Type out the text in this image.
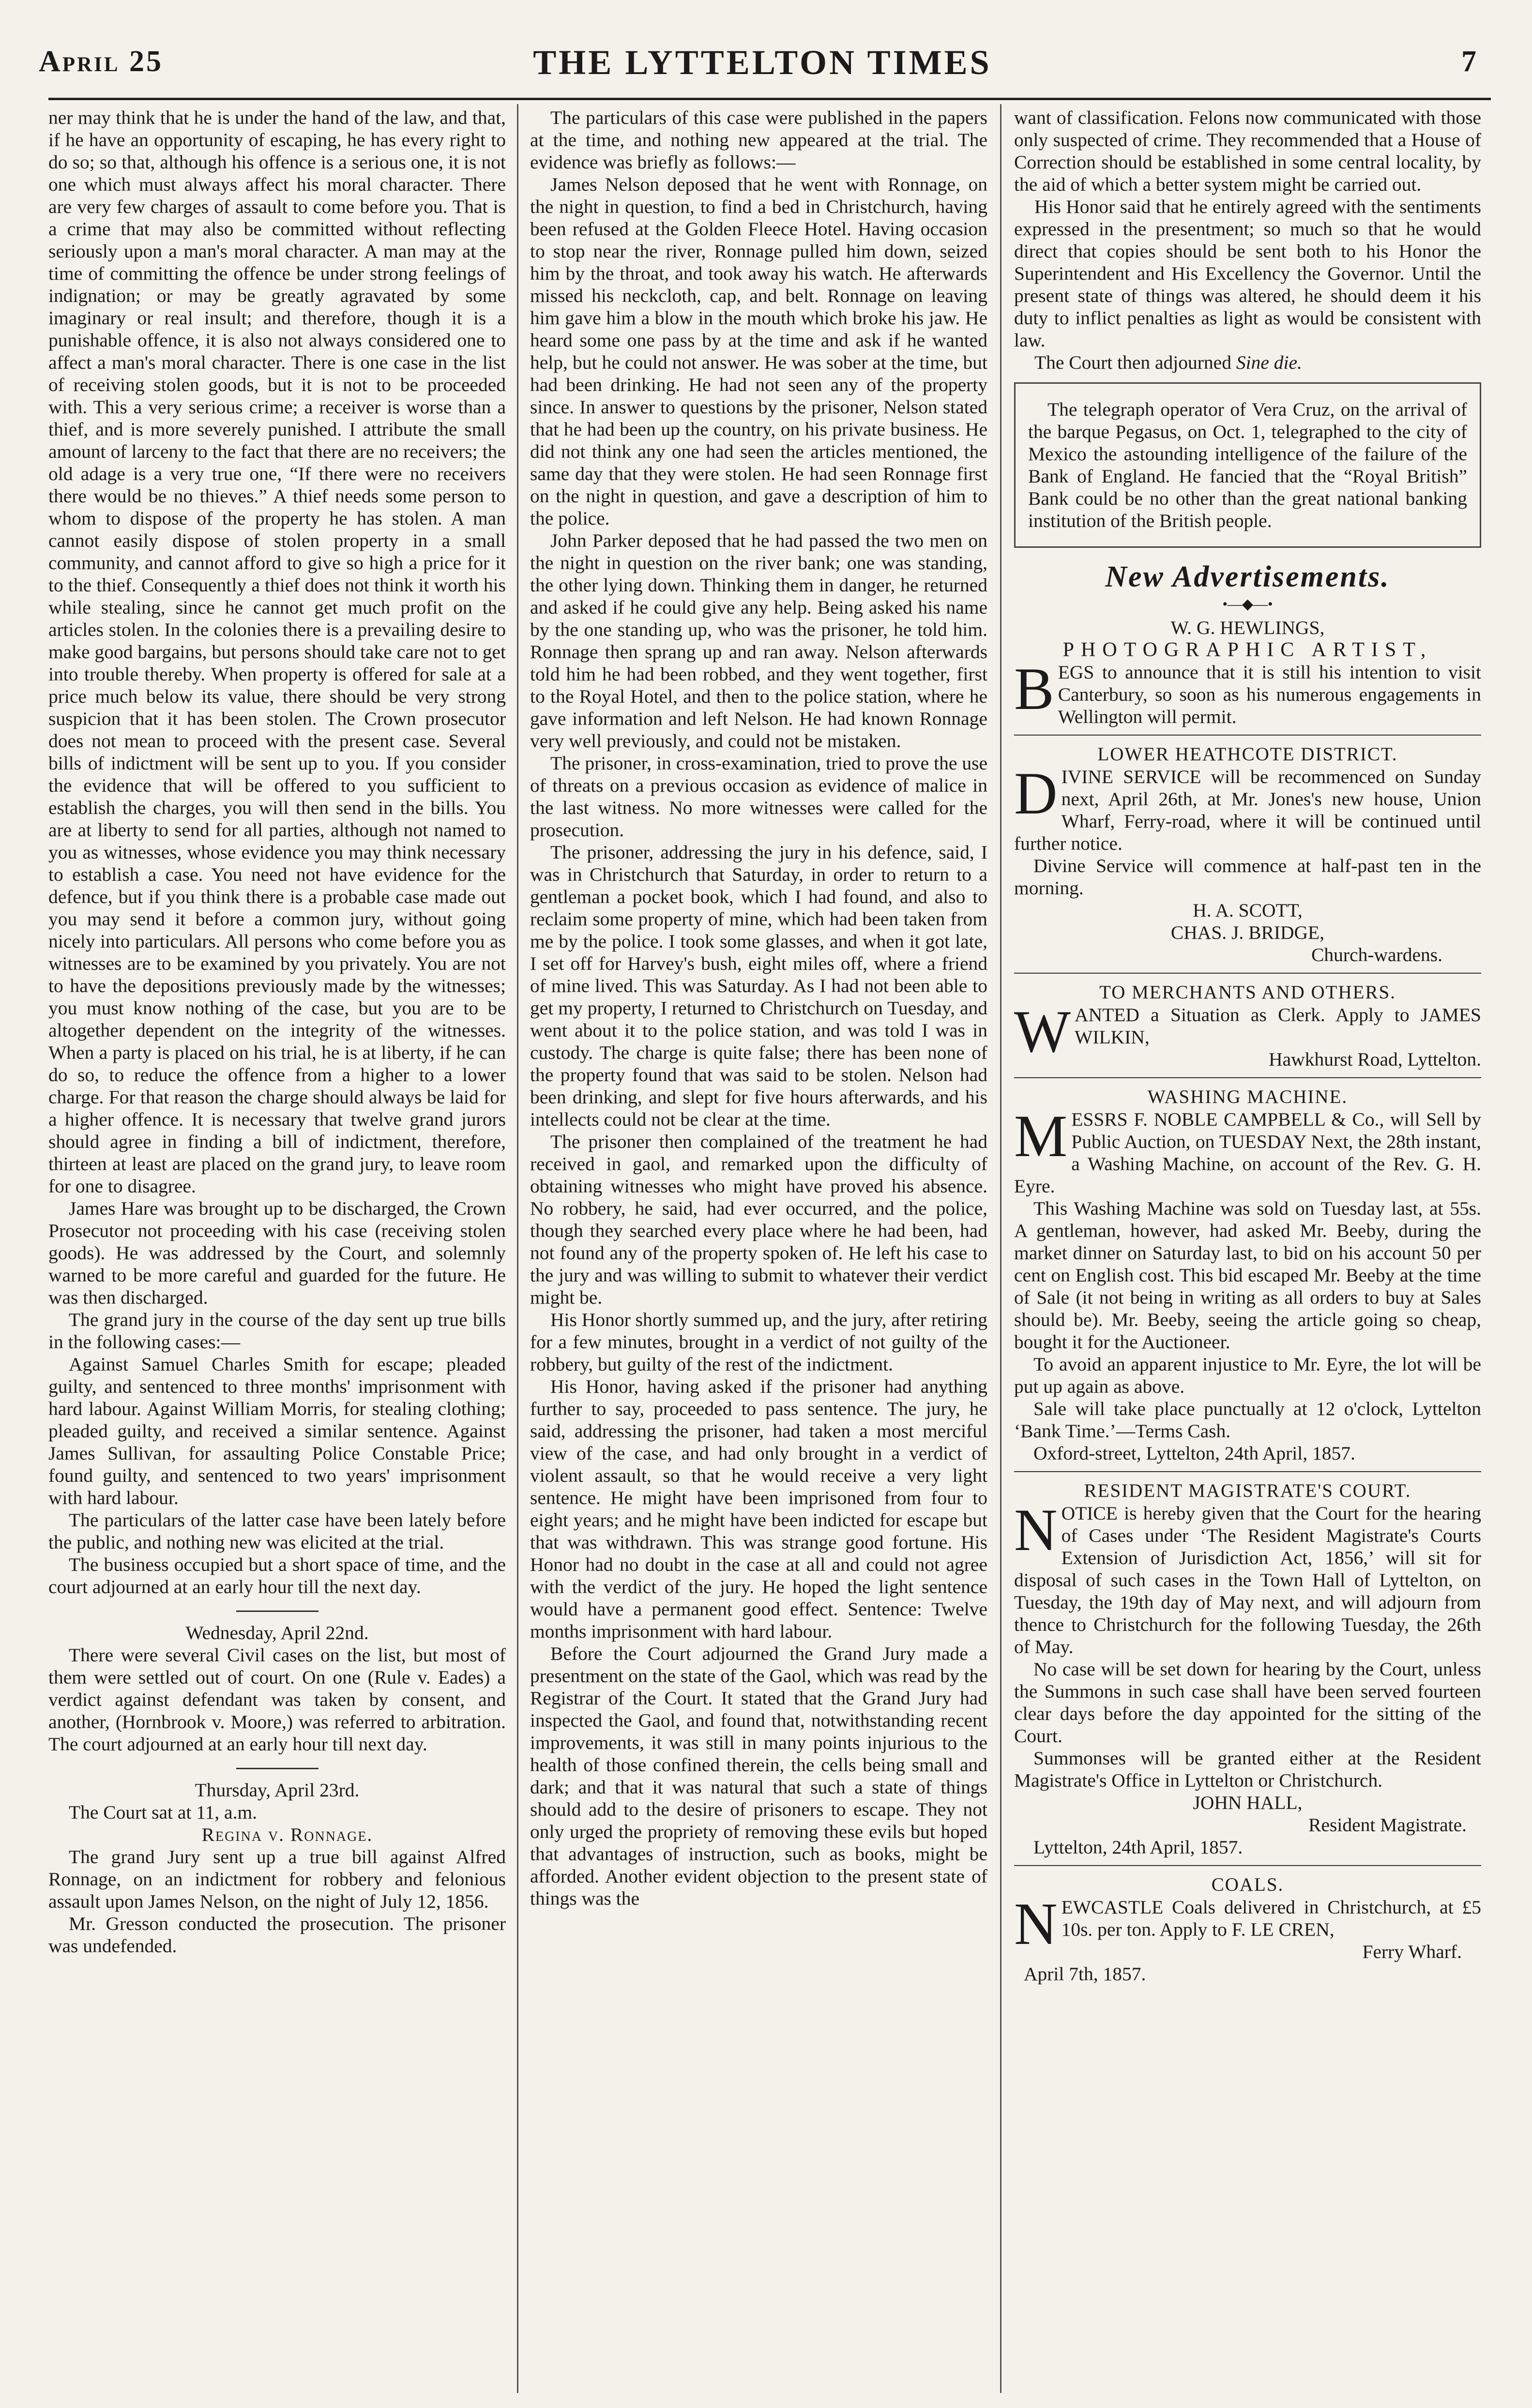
THE LYTTELTON TIMES
April 25	7

ner may think that he is under the hand of the law, and that, if he have an opportunity of escaping, he has every right to do so; so that, although his offence is a serious one, it is not one which must always affect his moral character. There are very few charges of assault to come before you. That is a crime that may also be committed without reflecting seriously upon a man's moral character. A man may at the time of committing the offence be under strong feelings of indignation; or may be greatly agravated by some imaginary or real insult; and therefore, though it is a punishable offence, it is also not always considered one to affect a man's moral character. There is one case in the list of receiving stolen goods, but it is not to be proceeded with. This a very serious crime; a receiver is worse than a thief, and is more severely punished. I attribute the small amount of larceny to the fact that there are no receivers; the old adage is a very true one, “If there were no receivers there would be no thieves.” A thief needs some person to whom to dispose of the property he has stolen. A man cannot easily dispose of stolen property in a small community, and cannot afford to give so high a price for it to the thief. Consequently a thief does not think it worth his while stealing, since he cannot get much profit on the articles stolen. In the colonies there is a prevailing desire to make good bargains, but persons should take care not to get into trouble thereby. When property is offered for sale at a price much below its value, there should be very strong suspicion that it has been stolen. The Crown prosecutor does not mean to proceed with the present case. Several bills of indictment will be sent up to you. If you consider the evidence that will be offered to you sufficient to establish the charges, you will then send in the bills. You are at liberty to send for all parties, although not named to you as witnesses, whose evidence you may think necessary to establish a case. You need not have evidence for the defence, but if you think there is a probable case made out you may send it before a common jury, without going nicely into particulars. All persons who come before you as witnesses are to be examined by you privately. You are not to have the depositions previously made by the witnesses; you must know nothing of the case, but you are to be altogether dependent on the integrity of the witnesses. When a party is placed on his trial, he is at liberty, if he can do so, to reduce the offence from a higher to a lower charge. For that reason the charge should always be laid for a higher offence. It is necessary that twelve grand jurors should agree in finding a bill of indictment, therefore, thirteen at least are placed on the grand jury, to leave room for one to disagree.

James Hare was brought up to be discharged, the Crown Prosecutor not proceeding with his case (receiving stolen goods). He was addressed by the Court, and solemnly warned to be more careful and guarded for the future. He was then discharged.

The grand jury in the course of the day sent up true bills in the following cases:—

Against Samuel Charles Smith for escape; pleaded guilty, and sentenced to three months' imprisonment with hard labour. Against William Morris, for stealing clothing; pleaded guilty, and received a similar sentence. Against James Sullivan, for assaulting Police Constable Price; found guilty, and sentenced to two years' imprisonment with hard labour.

The particulars of the latter case have been lately before the public, and nothing new was elicited at the trial.

The business occupied but a short space of time, and the court adjourned at an early hour till the next day.

Wednesday, April 22nd.

There were several Civil cases on the list, but most of them were settled out of court. On one (Rule v. Eades) a verdict against defendant was taken by consent, and another, (Hornbrook v. Moore,) was referred to arbitration. The court adjourned at an early hour till next day.

Thursday, April 23rd.

The Court sat at 11, a.m.

Regina v. Ronnage.

The grand Jury sent up a true bill against Alfred Ronnage, on an indictment for robbery and felonious assault upon James Nelson, on the night of July 12, 1856.

Mr. Gresson conducted the prosecution. The prisoner was undefended.

The particulars of this case were published in the papers at the time, and nothing new appeared at the trial. The evidence was briefly as follows:—

James Nelson deposed that he went with Ronnage, on the night in question, to find a bed in Christchurch, having been refused at the Golden Fleece Hotel. Having occasion to stop near the river, Ronnage pulled him down, seized him by the throat, and took away his watch. He afterwards missed his neckcloth, cap, and belt. Ronnage on leaving him gave him a blow in the mouth which broke his jaw. He heard some one pass by at the time and ask if he wanted help, but he could not answer. He was sober at the time, but had been drinking. He had not seen any of the property since. In answer to questions by the prisoner, Nelson stated that he had been up the country, on his private business. He did not think any one had seen the articles mentioned, the same day that they were stolen. He had seen Ronnage first on the night in question, and gave a description of him to the police.

John Parker deposed that he had passed the two men on the night in question on the river bank; one was standing, the other lying down. Thinking them in danger, he returned and asked if he could give any help. Being asked his name by the one standing up, who was the prisoner, he told him. Ronnage then sprang up and ran away. Nelson afterwards told him he had been robbed, and they went together, first to the Royal Hotel, and then to the police station, where he gave information and left Nelson. He had known Ronnage very well previously, and could not be mistaken.

The prisoner, in cross-examination, tried to prove the use of threats on a previous occasion as evidence of malice in the last witness. No more witnesses were called for the prosecution.

The prisoner, addressing the jury in his defence, said, I was in Christchurch that Saturday, in order to return to a gentleman a pocket book, which I had found, and also to reclaim some property of mine, which had been taken from me by the police. I took some glasses, and when it got late, I set off for Harvey's bush, eight miles off, where a friend of mine lived. This was Saturday. As I had not been able to get my property, I returned to Christchurch on Tuesday, and went about it to the police station, and was told I was in custody. The charge is quite false; there has been none of the property found that was said to be stolen. Nelson had been drinking, and slept for five hours afterwards, and his intellects could not be clear at the time.

The prisoner then complained of the treatment he had received in gaol, and remarked upon the difficulty of obtaining witnesses who might have proved his absence. No robbery, he said, had ever occurred, and the police, though they searched every place where he had been, had not found any of the property spoken of. He left his case to the jury and was willing to submit to whatever their verdict might be.

His Honor shortly summed up, and the jury, after retiring for a few minutes, brought in a verdict of not guilty of the robbery, but guilty of the rest of the indictment.

His Honor, having asked if the prisoner had anything further to say, proceeded to pass sentence. The jury, he said, addressing the prisoner, had taken a most merciful view of the case, and had only brought in a verdict of violent assault, so that he would receive a very light sentence. He might have been imprisoned from four to eight years; and he might have been indicted for escape but that was withdrawn. This was strange good fortune. His Honor had no doubt in the case at all and could not agree with the verdict of the jury. He hoped the light sentence would have a permanent good effect. Sentence: Twelve months imprisonment with hard labour.

Before the Court adjourned the Grand Jury made a presentment on the state of the Gaol, which was read by the Registrar of the Court. It stated that the Grand Jury had inspected the Gaol, and found that, notwithstanding recent improvements, it was still in many points injurious to the health of those confined therein, the cells being small and dark; and that it was natural that such a state of things should add to the desire of prisoners to escape. They not only urged the propriety of removing these evils but hoped that advantages of instruction, such as books, might be afforded. Another evident objection to the present state of things was the

want of classification. Felons now communicated with those only suspected of crime. They recommended that a House of Correction should be established in some central locality, by the aid of which a better system might be carried out.

His Honor said that he entirely agreed with the sentiments expressed in the presentment; so much so that he would direct that copies should be sent both to his Honor the Superintendent and His Excellency the Governor. Until the present state of things was altered, he should deem it his duty to inflict penalties as light as would be consistent with law.

The Court then adjourned Sine die.

The telegraph operator of Vera Cruz, on the arrival of the barque Pegasus, on Oct. 1, telegraphed to the city of Mexico the astounding intelligence of the failure of the Bank of England. He fancied that the “Royal British” Bank could be no other than the great national banking institution of the British people.

New Advertisements.
•—◆—•

W. G. HEWLINGS,

PHOTOGRAPHIC ARTIST,

BEGS to announce that it is still his intention to visit Canterbury, so soon as his numerous engagements in Wellington will permit.

LOWER HEATHCOTE DISTRICT.

DIVINE SERVICE will be recommenced on Sunday next, April 26th, at Mr. Jones's new house, Union Wharf, Ferry-road, where it will be continued until further notice.

Divine Service will commence at half-past ten in the morning.

H. A. SCOTT,

CHAS. J. BRIDGE,

Church-wardens.

TO MERCHANTS AND OTHERS.

WANTED a Situation as Clerk. Apply to JAMES WILKIN,

Hawkhurst Road, Lyttelton.

WASHING MACHINE.

MESSRS F. NOBLE CAMPBELL & Co., will Sell by Public Auction, on TUESDAY Next, the 28th instant, a Washing Machine, on account of the Rev. G. H. Eyre.

This Washing Machine was sold on Tuesday last, at 55s. A gentleman, however, had asked Mr. Beeby, during the market dinner on Saturday last, to bid on his account 50 per cent on English cost. This bid escaped Mr. Beeby at the time of Sale (it not being in writing as all orders to buy at Sales should be). Mr. Beeby, seeing the article going so cheap, bought it for the Auctioneer.

To avoid an apparent injustice to Mr. Eyre, the lot will be put up again as above.

Sale will take place punctually at 12 o'clock, Lyttelton ‘Bank Time.’—Terms Cash.

Oxford-street, Lyttelton, 24th April, 1857.

RESIDENT MAGISTRATE'S COURT.

NOTICE is hereby given that the Court for the hearing of Cases under ‘The Resident Magistrate's Courts Extension of Jurisdiction Act, 1856,’ will sit for disposal of such cases in the Town Hall of Lyttelton, on Tuesday, the 19th day of May next, and will adjourn from thence to Christchurch for the following Tuesday, the 26th of May.

No case will be set down for hearing by the Court, unless the Summons in such case shall have been served fourteen clear days before the day appointed for the sitting of the Court.

Summonses will be granted either at the Resident Magistrate's Office in Lyttelton or Christchurch.

JOHN HALL,

Resident Magistrate.

Lyttelton, 24th April, 1857.

COALS.

NEWCASTLE Coals delivered in Christchurch, at £5 10s. per ton. Apply to F. LE CREN,

Ferry Wharf.

April 7th, 1857.
